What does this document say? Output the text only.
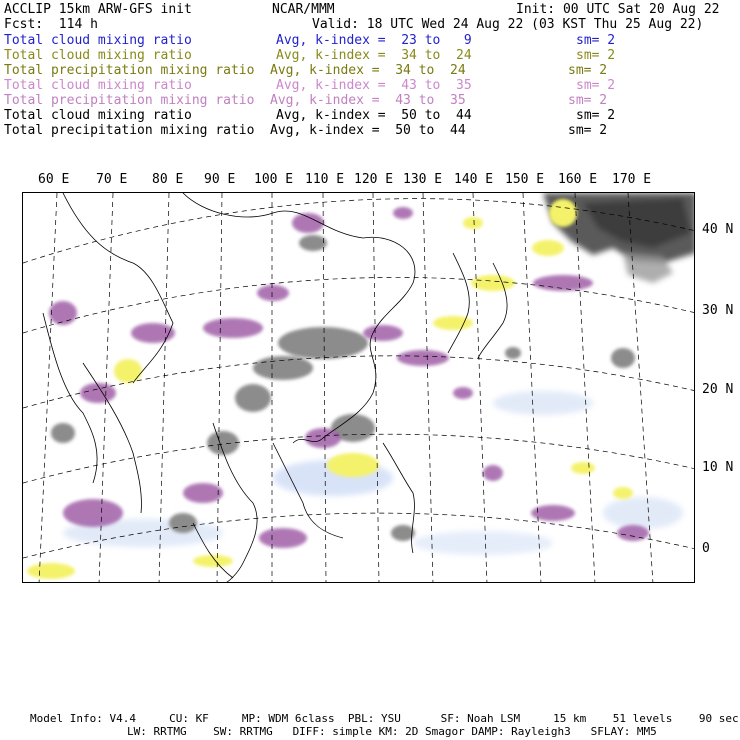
ACCLIP 15km ARW-GFS init	NCAR/MMM	Init: 00 UTC Sat 20 Aug 22
Fcst:  114 h	Valid: 18 UTC Wed 24 Aug 22 (03 KST Thu 25 Aug 22)
Total cloud mixing ratio	Avg, k-index =  23 to   9	sm= 2
Total cloud mixing ratio	Avg, k-index =  34 to  24	sm= 2
Total precipitation mixing ratio Avg, k-index =  34 to  24	sm= 2
Total cloud mixing ratio	Avg, k-index =  43 to  35	sm= 2
Total precipitation mixing ratio Avg, k-index =  43 to  35	sm= 2
Total cloud mixing ratio	Avg, k-index =  50 to  44	sm= 2
Total precipitation mixing ratio Avg, k-index =  50 to  44	sm= 2
60 E 70 E 80 E 90 E 100 E 110 E 120 E 130 E 140 E 150 E 160 E 170 E
40 N
30 N
20 N
10 N
0
Model Info: V4.4     CU: KF     MP: WDM 6class  PBL: YSU      SF: Noah LSM     15 km    51 levels    90 sec
LW: RRTMG    SW: RRTMG   DIFF: simple KM: 2D Smagor DAMP: Rayleigh3   SFLAY: MM5
